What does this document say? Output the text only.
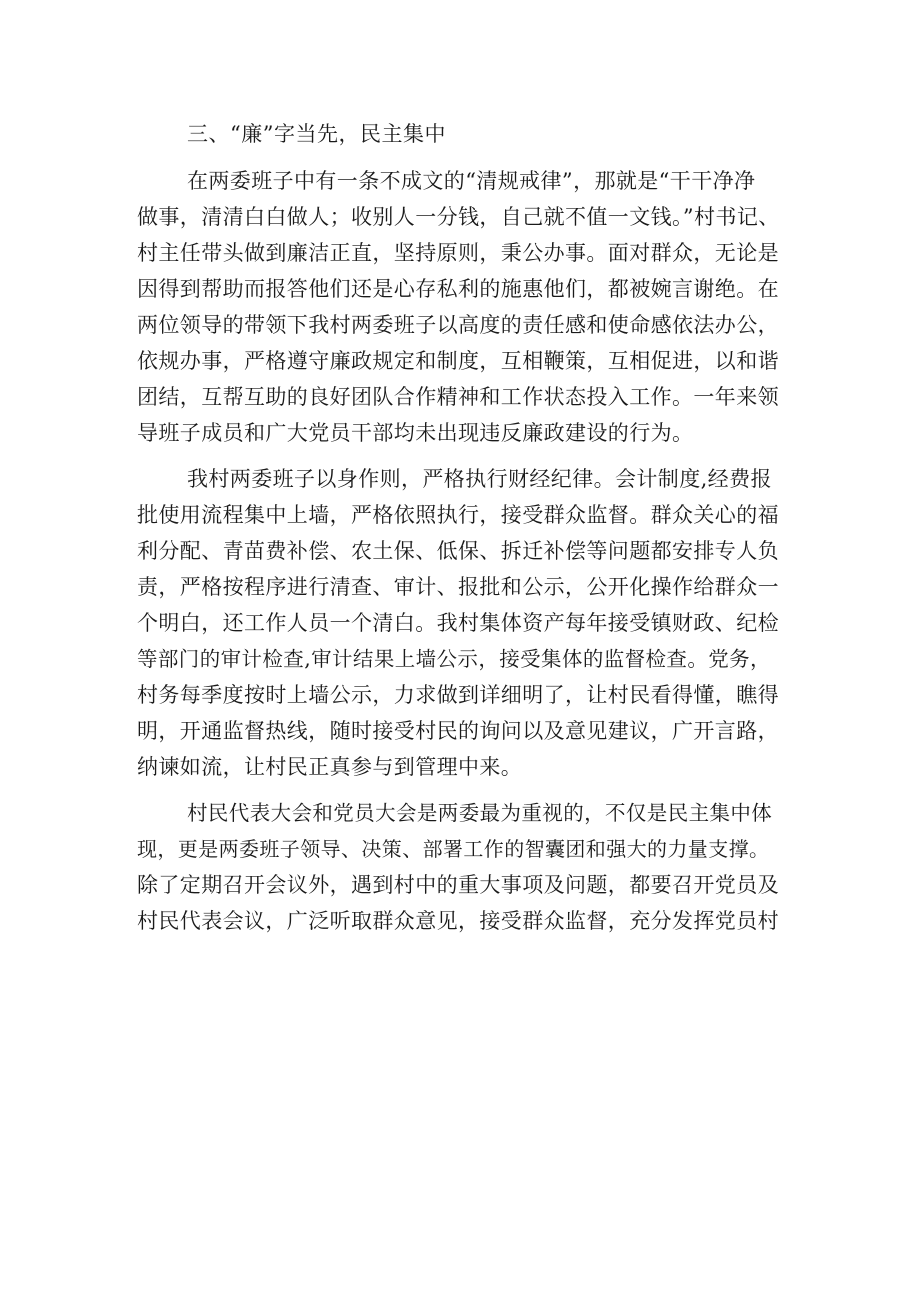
三、“廉”字当先，民主集中
在两委班子中有一条不成文的“清规戒律”，那就是“干干净净
做事，清清白白做人；收别人一分钱，自己就不值一文钱。”村书记、
村主任带头做到廉洁正直，坚持原则，秉公办事。面对群众，无论是
因得到帮助而报答他们还是心存私利的施惠他们，都被婉言谢绝。在
两位领导的带领下我村两委班子以高度的责任感和使命感依法办公，
依规办事，严格遵守廉政规定和制度，互相鞭策，互相促进，以和谐
团结，互帮互助的良好团队合作精神和工作状态投入工作。一年来领
导班子成员和广大党员干部均未出现违反廉政建设的行为。
我村两委班子以身作则，严格执行财经纪律。会计制度,经费报
批使用流程集中上墙，严格依照执行，接受群众监督。群众关心的福
利分配、青苗费补偿、农土保、低保、拆迁补偿等问题都安排专人负
责，严格按程序进行清查、审计、报批和公示，公开化操作给群众一
个明白，还工作人员一个清白。我村集体资产每年接受镇财政、纪检
等部门的审计检查,审计结果上墙公示，接受集体的监督检查。党务，
村务每季度按时上墙公示，力求做到详细明了，让村民看得懂，瞧得
明，开通监督热线，随时接受村民的询问以及意见建议，广开言路，
纳谏如流，让村民正真参与到管理中来。
村民代表大会和党员大会是两委最为重视的，不仅是民主集中体
现，更是两委班子领导、决策、部署工作的智囊团和强大的力量支撑。
除了定期召开会议外，遇到村中的重大事项及问题，都要召开党员及
村民代表会议，广泛听取群众意见，接受群众监督，充分发挥党员村
